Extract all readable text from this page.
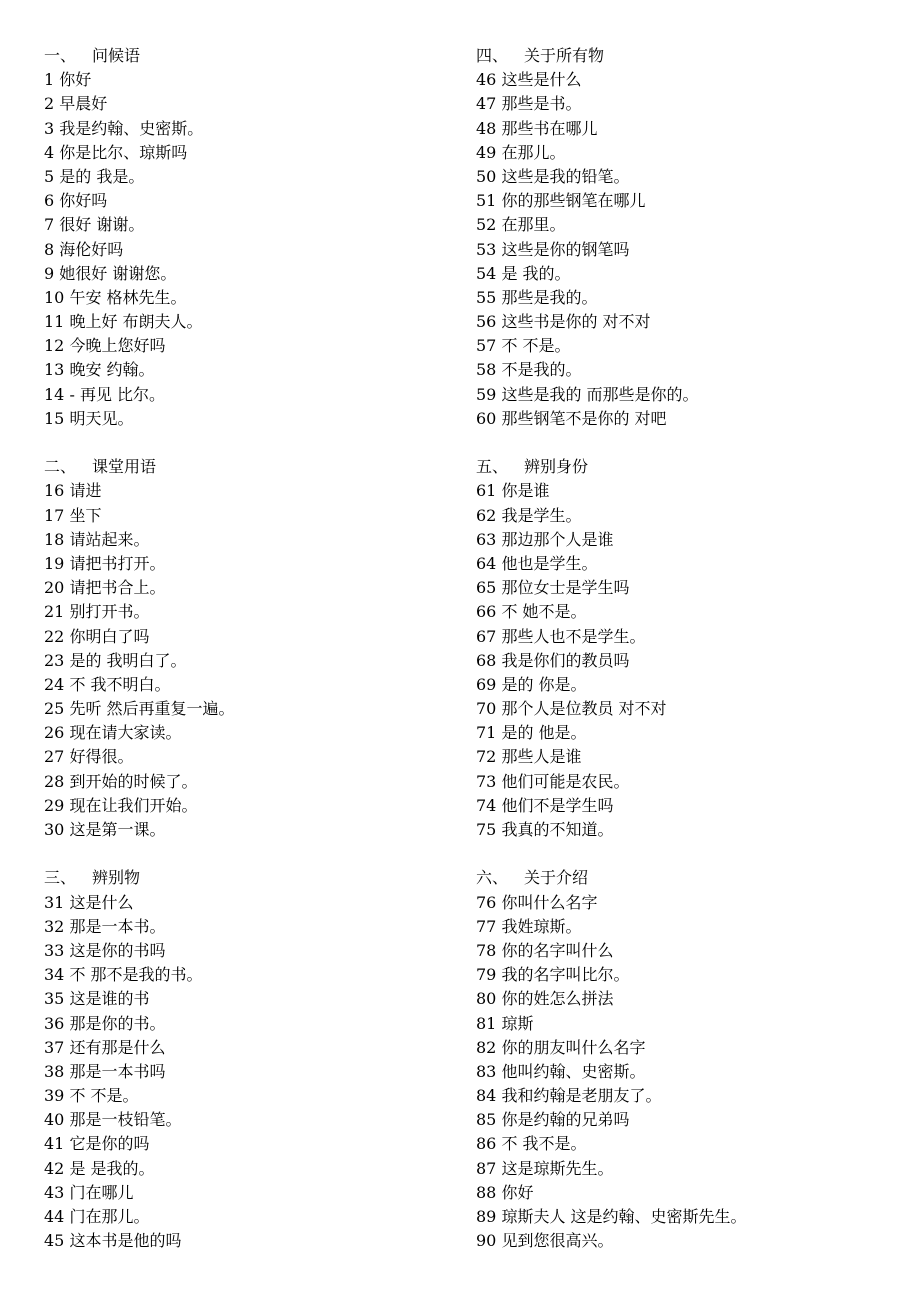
一、 问候语
1 你好
2 早晨好
3 我是约翰、史密斯。
4 你是比尔、琼斯吗
5 是的 我是。
6 你好吗
7 很好 谢谢。
8 海伦好吗
9 她很好 谢谢您。
10 午安 格林先生。
11 晚上好 布朗夫人。
12 今晚上您好吗
13 晚安 约翰。
14 - 再见 比尔。
15 明天见。
二、 课堂用语
16 请进
17 坐下
18 请站起来。
19 请把书打开。
20 请把书合上。
21 别打开书。
22 你明白了吗
23 是的 我明白了。
24 不 我不明白。
25 先听 然后再重复一遍。
26 现在请大家读。
27 好得很。
28 到开始的时候了。
29 现在让我们开始。
30 这是第一课。
三、 辨别物
31 这是什么
32 那是一本书。
33 这是你的书吗
34 不 那不是我的书。
35 这是谁的书
36 那是你的书。
37 还有那是什么
38 那是一本书吗
39 不 不是。
40 那是一枝铅笔。
41 它是你的吗
42 是 是我的。
43 门在哪儿
44 门在那儿。
45 这本书是他的吗
四、 关于所有物
46 这些是什么
47 那些是书。
48 那些书在哪儿
49 在那儿。
50 这些是我的铅笔。
51 你的那些钢笔在哪儿
52 在那里。
53 这些是你的钢笔吗
54 是 我的。
55 那些是我的。
56 这些书是你的 对不对
57 不 不是。
58 不是我的。
59 这些是我的 而那些是你的。
60 那些钢笔不是你的 对吧
五、 辨别身份
61 你是谁
62 我是学生。
63 那边那个人是谁
64 他也是学生。
65 那位女士是学生吗
66 不 她不是。
67 那些人也不是学生。
68 我是你们的教员吗
69 是的 你是。
70 那个人是位教员 对不对
71 是的 他是。
72 那些人是谁
73 他们可能是农民。
74 他们不是学生吗
75 我真的不知道。
六、 关于介绍
76 你叫什么名字
77 我姓琼斯。
78 你的名字叫什么
79 我的名字叫比尔。
80 你的姓怎么拼法
81 琼斯
82 你的朋友叫什么名字
83 他叫约翰、史密斯。
84 我和约翰是老朋友了。
85 你是约翰的兄弟吗
86 不 我不是。
87 这是琼斯先生。
88 你好
89 琼斯夫人 这是约翰、史密斯先生。
90 见到您很高兴。
